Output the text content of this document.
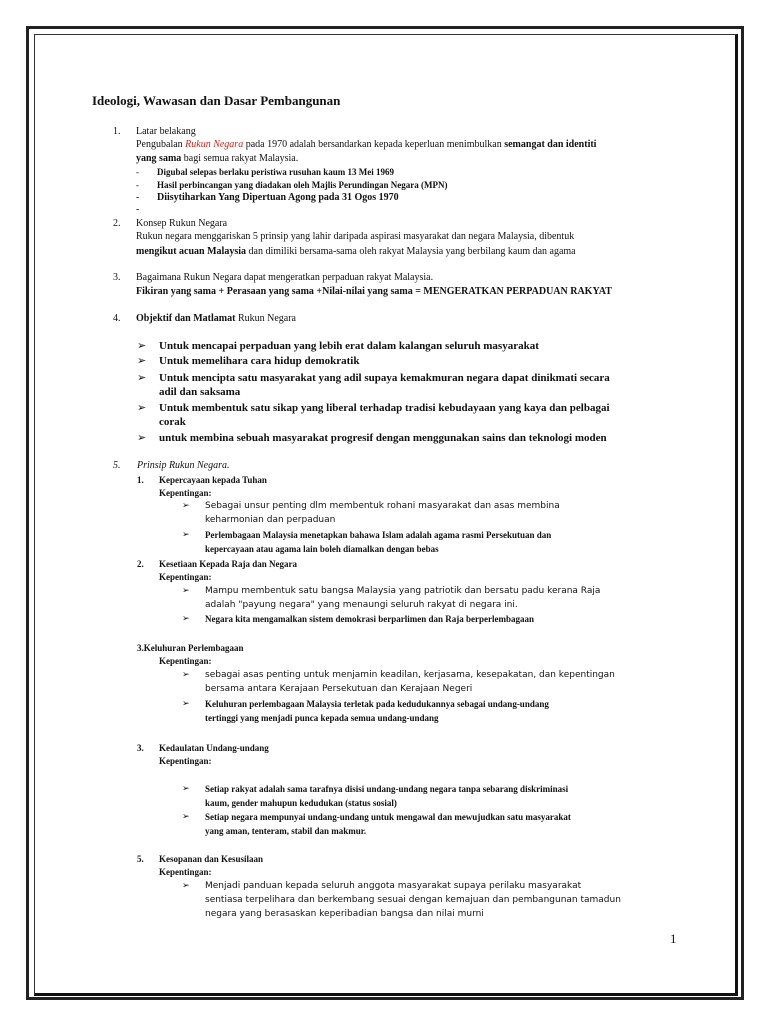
Ideologi, Wawasan dan Dasar Pembangunan
1. Latar belakang
Pengubalan Rukun Negara pada 1970 adalah bersandarkan kepada keperluan menimbulkan semangat dan identiti
yang sama bagi semua rakyat Malaysia.
- Digubal selepas berlaku peristiwa rusuhan kaum 13 Mei 1969
- Hasil perbincangan yang diadakan oleh Majlis Perundingan Negara (MPN)
- Diisytiharkan Yang Dipertuan Agong pada 31 Ogos 1970
-
2. Konsep Rukun Negara
Rukun negara menggariskan 5 prinsip yang lahir daripada aspirasi masyarakat dan negara Malaysia, dibentuk
mengikut acuan Malaysia dan dimiliki bersama-sama oleh rakyat Malaysia yang berbilang kaum dan agama
3. Bagaimana Rukun Negara dapat mengeratkan perpaduan rakyat Malaysia.
Fikiran yang sama + Perasaan yang sama +Nilai-nilai yang sama = MENGERATKAN PERPADUAN RAKYAT
4. Objektif dan Matlamat Rukun Negara
➢ Untuk mencapai perpaduan yang lebih erat dalam kalangan seluruh masyarakat
➢ Untuk memelihara cara hidup demokratik
➢ Untuk mencipta satu masyarakat yang adil supaya kemakmuran negara dapat dinikmati secara
adil dan saksama
➢ Untuk membentuk satu sikap yang liberal terhadap tradisi kebudayaan yang kaya dan pelbagai
corak
➢ untuk membina sebuah masyarakat progresif dengan menggunakan sains dan teknologi moden
5. Prinsip Rukun Negara.
1. Kepercayaan kepada Tuhan
Kepentingan:
➢ Sebagai unsur penting dlm membentuk rohani masyarakat dan asas membina
keharmonian dan perpaduan
➢ Perlembagaan Malaysia menetapkan bahawa Islam adalah agama rasmi Persekutuan dan
kepercayaan atau agama lain boleh diamalkan dengan bebas
2. Kesetiaan Kepada Raja dan Negara
Kepentingan:
➢ Mampu membentuk satu bangsa Malaysia yang patriotik dan bersatu padu kerana Raja
adalah "payung negara" yang menaungi seluruh rakyat di negara ini.
➢ Negara kita mengamalkan sistem demokrasi berparlimen dan Raja berperlembagaan
3.Keluhuran Perlembagaan
Kepentingan:
➢ sebagai asas penting untuk menjamin keadilan, kerjasama, kesepakatan, dan kepentingan
bersama antara Kerajaan Persekutuan dan Kerajaan Negeri
➢ Keluhuran perlembagaan Malaysia terletak pada kedudukannya sebagai undang-undang
tertinggi yang menjadi punca kepada semua undang-undang
3. Kedaulatan Undang-undang
Kepentingan:
➢ Setiap rakyat adalah sama tarafnya disisi undang-undang negara tanpa sebarang diskriminasi
kaum, gender mahupun kedudukan (status sosial)
➢ Setiap negara mempunyai undang-undang untuk mengawal dan mewujudkan satu masyarakat
yang aman, tenteram, stabil dan makmur.
5. Kesopanan dan Kesusilaan
Kepentingan:
➢ Menjadi panduan kepada seluruh anggota masyarakat supaya perilaku masyarakat
sentiasa terpelihara dan berkembang sesuai dengan kemajuan dan pembangunan tamadun
negara yang berasaskan keperibadian bangsa dan nilai murni
1
